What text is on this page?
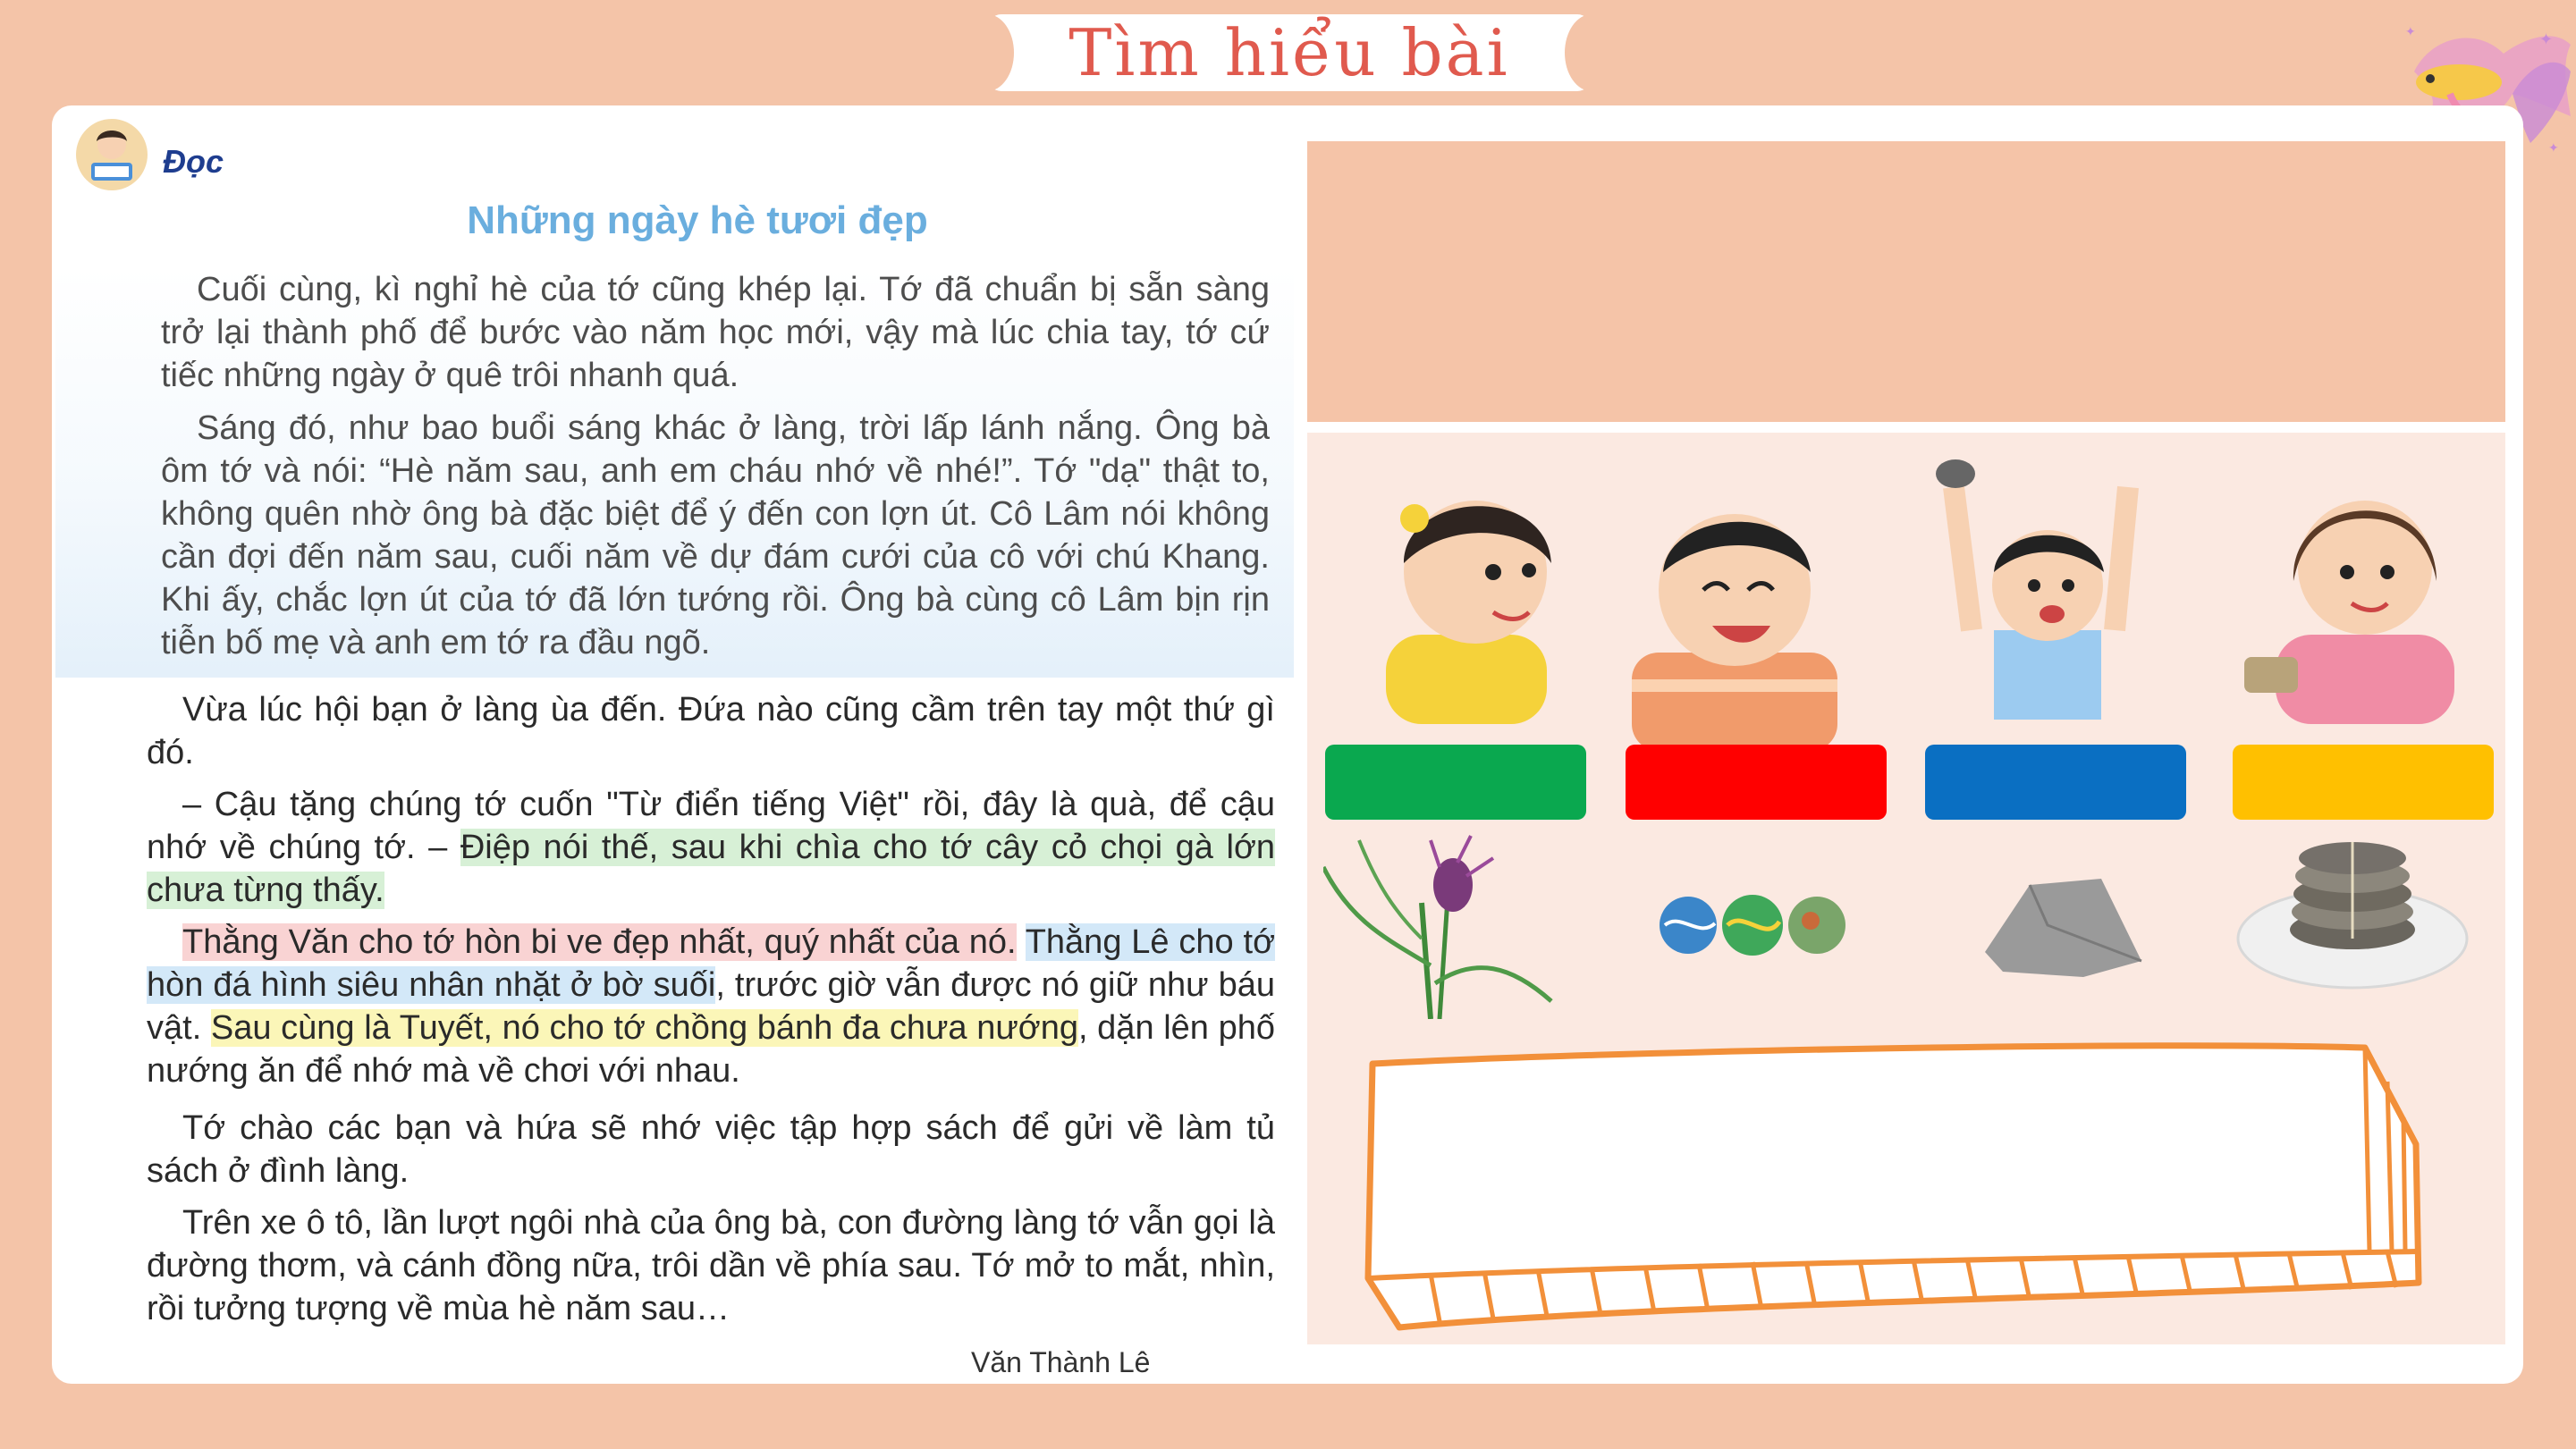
Tìm hiểu bài	✦
✦
✦
Đọc
Những ngày hè tươi đẹp
Cuối cùng, kì nghỉ hè của tớ cũng khép lại. Tớ đã chuẩn bị sẵn sàng trở lại thành phố để bước vào năm học mới, vậy mà lúc chia tay, tớ cứ tiếc những ngày ở quê trôi nhanh quá.
Sáng đó, như bao buổi sáng khác ở làng, trời lấp lánh nắng. Ông bà ôm tớ và nói: “Hè năm sau, anh em cháu nhớ về nhé!”. Tớ "dạ" thật to, không quên nhờ ông bà đặc biệt để ý đến con lợn út. Cô Lâm nói không cần đợi đến năm sau, cuối năm về dự đám cưới của cô với chú Khang. Khi ấy, chắc lợn út của tớ đã lớn tướng rồi. Ông bà cùng cô Lâm bịn rịn tiễn bố mẹ và anh em tớ ra đầu ngõ.
Vừa lúc hội bạn ở làng ùa đến. Đứa nào cũng cầm trên tay một thứ gì đó.
– Cậu tặng chúng tớ cuốn "Từ điển tiếng Việt" rồi, đây là quà, để cậu nhớ về chúng tớ. – Điệp nói thế, sau khi chìa cho tớ cây cỏ chọi gà lớn chưa từng thấy.
Thằng Văn cho tớ hòn bi ve đẹp nhất, quý nhất của nó. Thằng Lê cho tớ hòn đá hình siêu nhân nhặt ở bờ suối, trước giờ vẫn được nó giữ như báu vật. Sau cùng là Tuyết, nó cho tớ chồng bánh đa chưa nướng, dặn lên phố nướng ăn để nhớ mà về chơi với nhau.
Tớ chào các bạn và hứa sẽ nhớ việc tập hợp sách để gửi về làm tủ sách ở đình làng.
Trên xe ô tô, lần lượt ngôi nhà của ông bà, con đường làng tớ vẫn gọi là đường thơm, và cánh đồng nữa, trôi dần về phía sau. Tớ mở to mắt, nhìn, rồi tưởng tượng về mùa hè năm sau…
Văn Thành Lê
